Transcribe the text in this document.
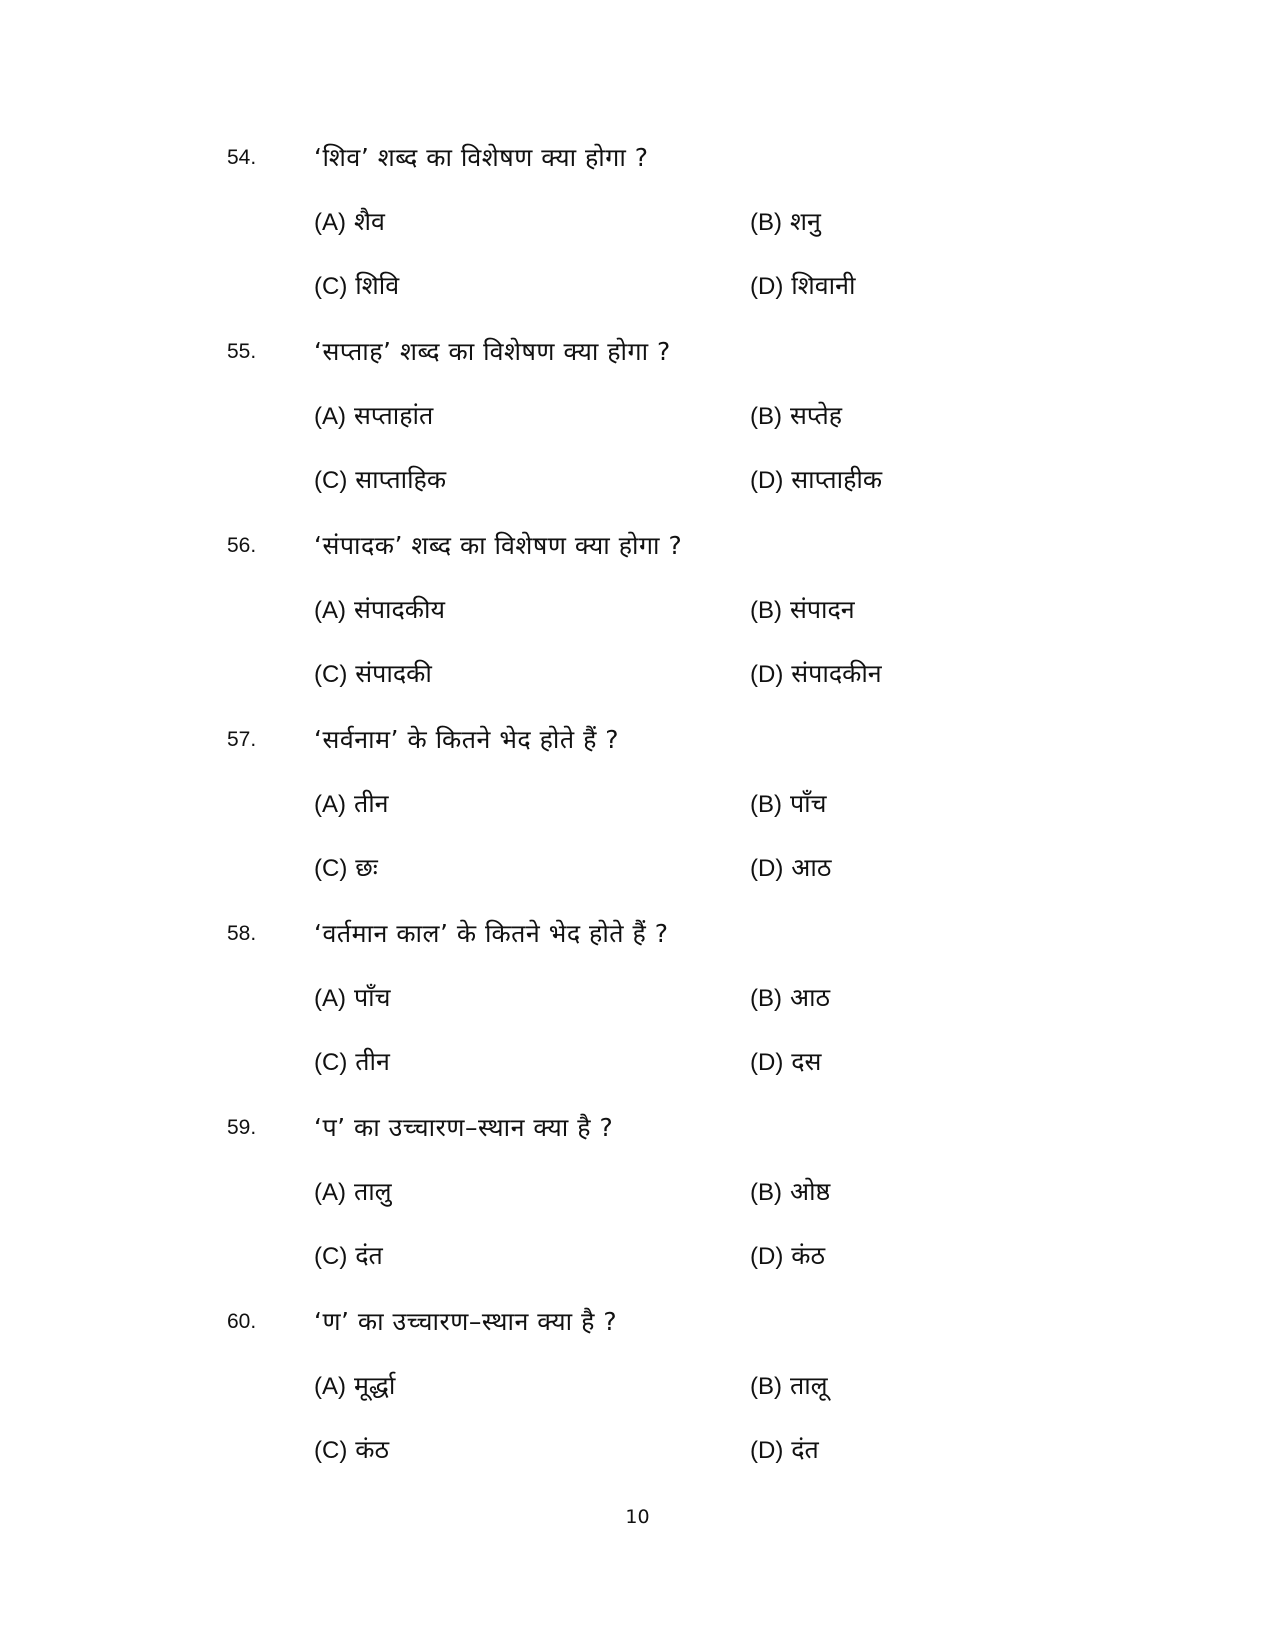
54. ‘शिव’ शब्द का विशेषण क्या होगा ?
(A) शैव	(B) शनु
(C) शिवि	(D) शिवानी
55. ‘सप्ताह’ शब्द का विशेषण क्या होगा ?
(A) सप्ताहांत	(B) सप्तेह
(C) साप्ताहिक	(D) साप्ताहीक
56. ‘संपादक’ शब्द का विशेषण क्या होगा ?
(A) संपादकीय	(B) संपादन
(C) संपादकी	(D) संपादकीन
57. ‘सर्वनाम’ के कितने भेद होते हैं ?
(A) तीन	(B) पाँच
(C) छः	(D) आठ
58. ‘वर्तमान काल’ के कितने भेद होते हैं ?
(A) पाँच	(B) आठ
(C) तीन	(D) दस
59. ‘प’ का उच्चारण–स्थान क्या है ?
(A) तालु	(B) ओष्ठ
(C) दंत	(D) कंठ
60. ‘ण’ का उच्चारण–स्थान क्या है ?
(A) मूर्द्धा	(B) तालू
(C) कंठ	(D) दंत
10
